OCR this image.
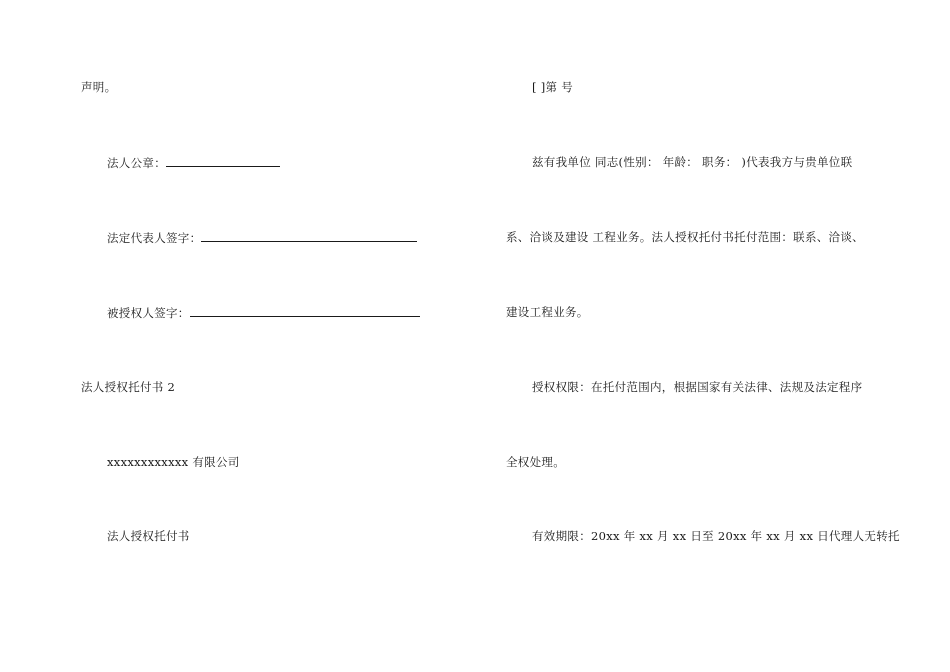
声明。
法人公章：
法定代表人签字：
被授权人签字：
法人授权托付书 2
xxxxxxxxxxxx 有限公司
法人授权托付书
[ ]第 号
兹有我单位 同志(性别： 年龄： 职务： )代表我方与贵单位联
系、洽谈及建设 工程业务。法人授权托付书托付范围：联系、洽谈、
建设工程业务。
授权权限：在托付范围内，根据国家有关法律、法规及法定程序
全权处理。
有效期限：20xx 年 xx 月 xx 日至 20xx 年 xx 月 xx 日代理人无转托
